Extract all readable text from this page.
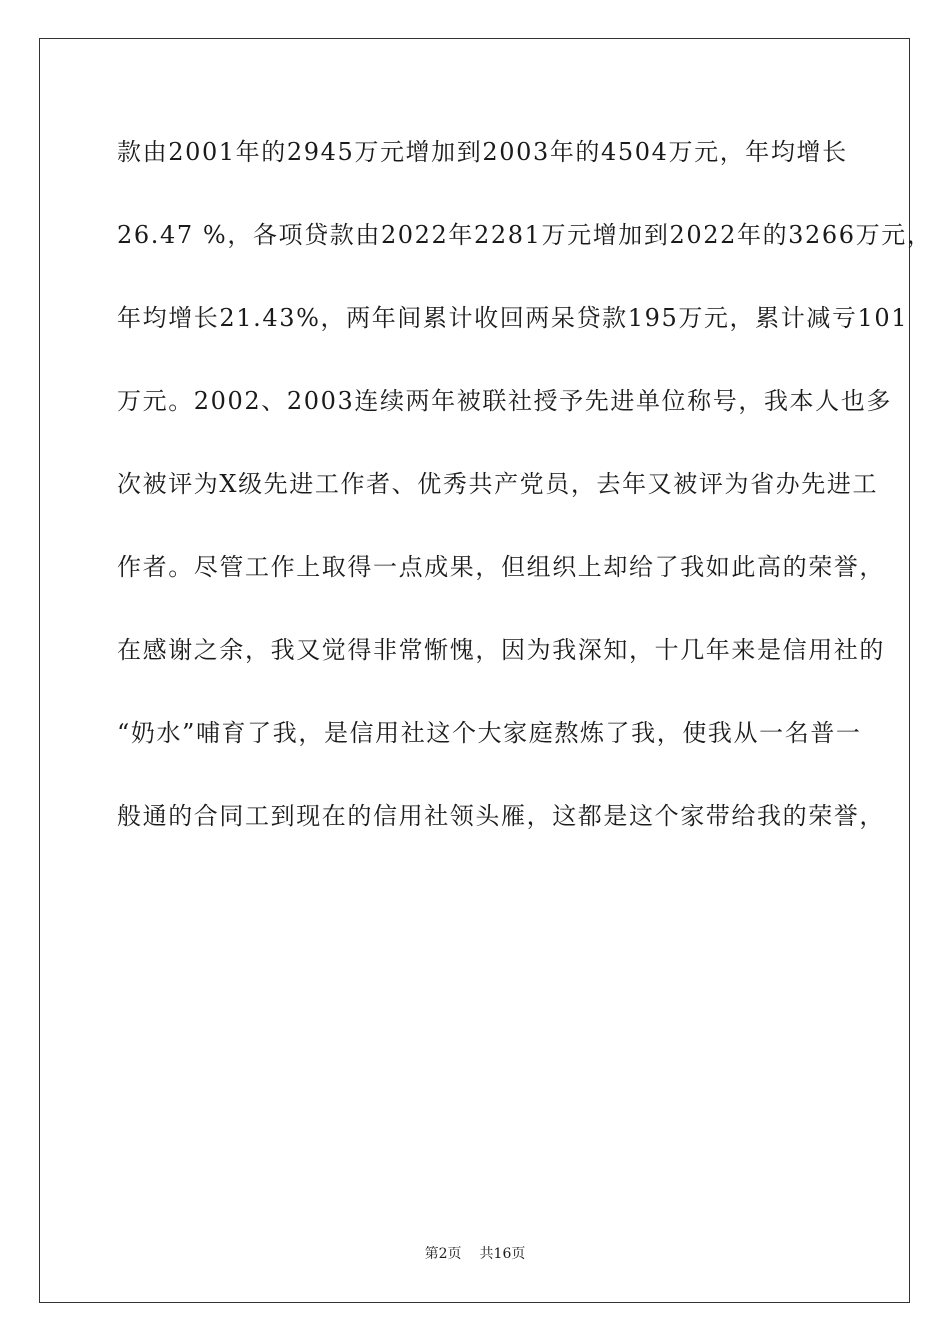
款由2001年的2945万元增加到2003年的4504万元，年均增长
26.47 %，各项贷款由2022年2281万元增加到2022年的3266万元，
年均增长21.43%，两年间累计收回两呆贷款195万元，累计减亏101
万元。2002、2003连续两年被联社授予先进单位称号，我本人也多
次被评为X级先进工作者、优秀共产党员，去年又被评为省办先进工
作者。尽管工作上取得一点成果，但组织上却给了我如此高的荣誉，
在感谢之余，我又觉得非常惭愧，因为我深知，十几年来是信用社的
“奶水”哺育了我，是信用社这个大家庭熬炼了我，使我从一名普一
般通的合同工到现在的信用社领头雁，这都是这个家带给我的荣誉，
第2页 共16页
